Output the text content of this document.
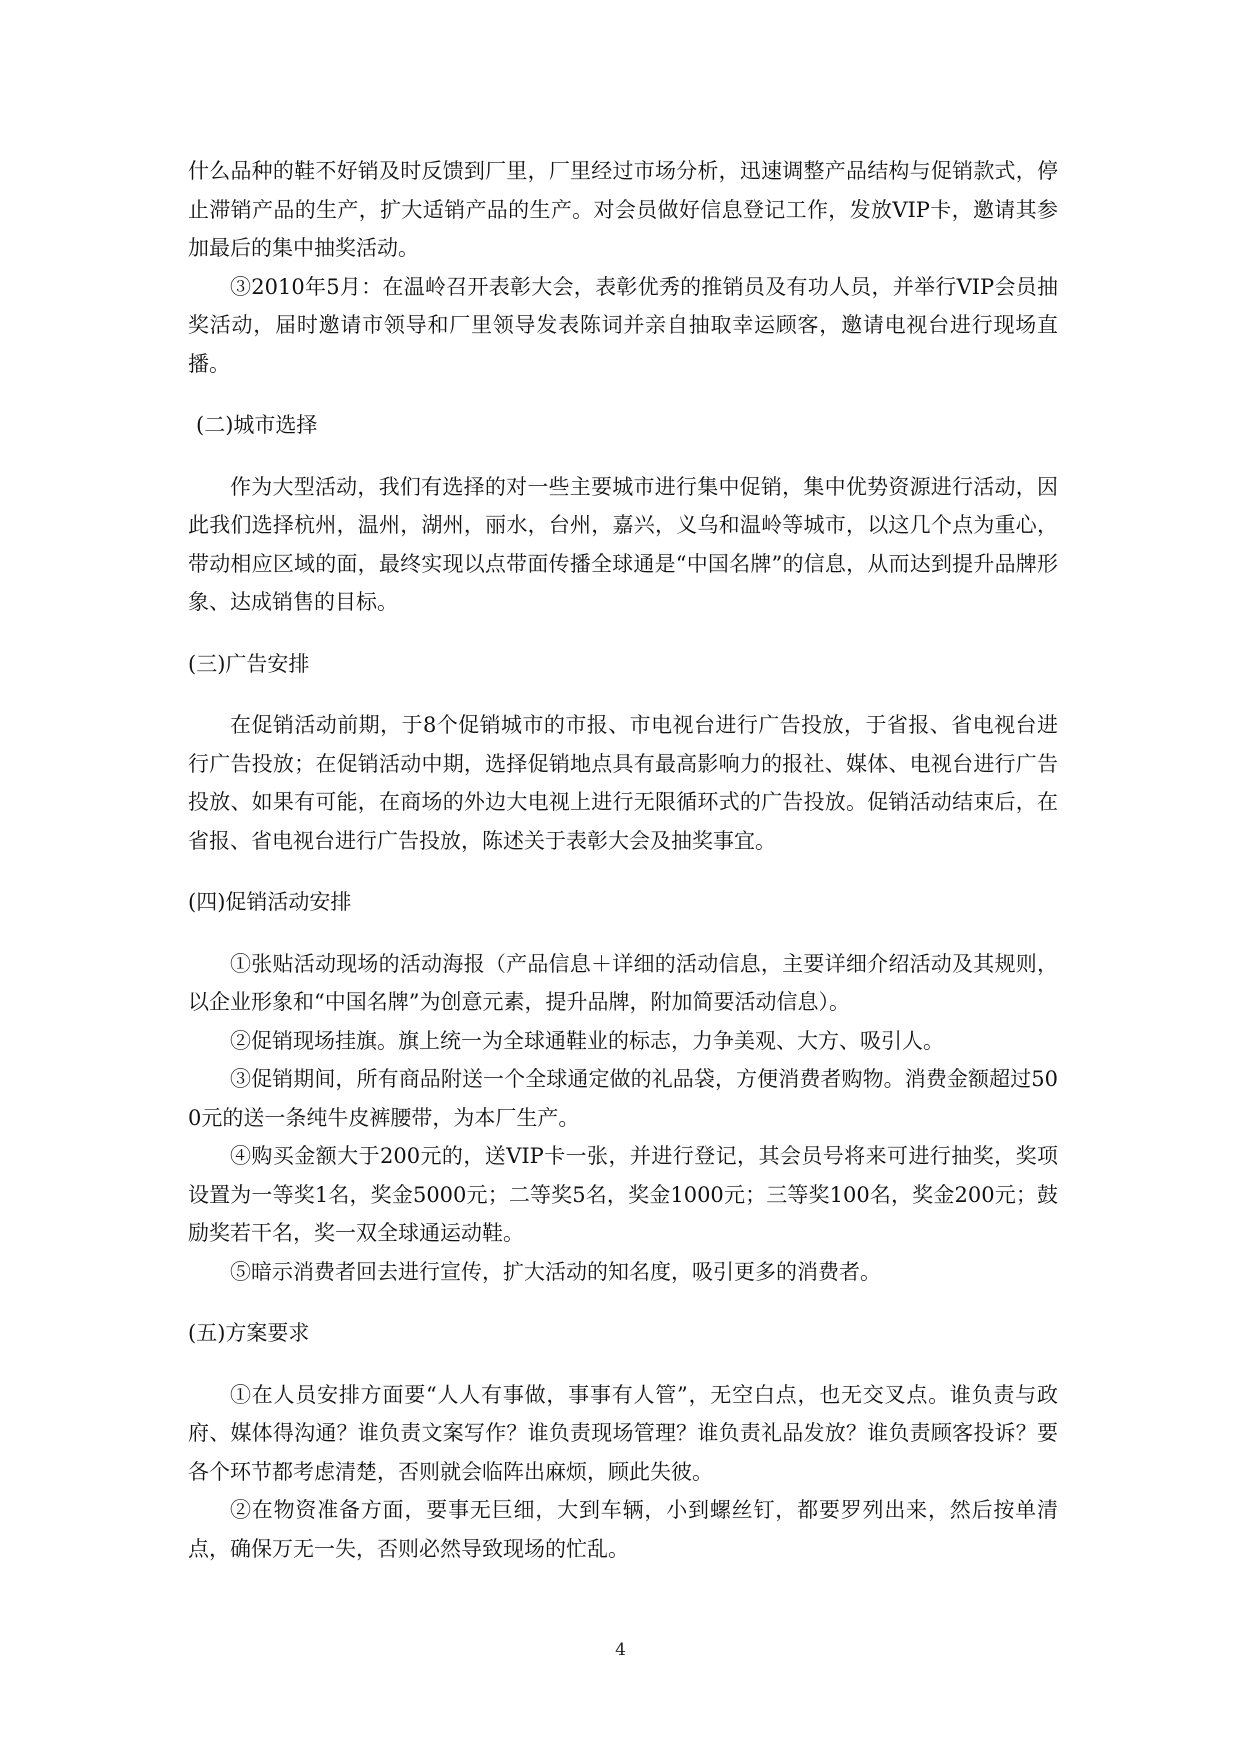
什么品种的鞋不好销及时反馈到厂里，厂里经过市场分析，迅速调整产品结构与促销款式，停止滞销产品的生产，扩大适销产品的生产。对会员做好信息登记工作，发放VIP卡，邀请其参加最后的集中抽奖活动。

③2010年5月：在温岭召开表彰大会，表彰优秀的推销员及有功人员，并举行VIP会员抽奖活动，届时邀请市领导和厂里领导发表陈词并亲自抽取幸运顾客，邀请电视台进行现场直播。

(二)城市选择

作为大型活动，我们有选择的对一些主要城市进行集中促销，集中优势资源进行活动，因此我们选择杭州，温州，湖州，丽水，台州，嘉兴，义乌和温岭等城市，以这几个点为重心，带动相应区域的面，最终实现以点带面传播全球通是“中国名牌”的信息，从而达到提升品牌形象、达成销售的目标。

(三)广告安排

在促销活动前期，于8个促销城市的市报、市电视台进行广告投放，于省报、省电视台进行广告投放；在促销活动中期，选择促销地点具有最高影响力的报社、媒体、电视台进行广告投放、如果有可能，在商场的外边大电视上进行无限循环式的广告投放。促销活动结束后，在省报、省电视台进行广告投放，陈述关于表彰大会及抽奖事宜。

(四)促销活动安排

①张贴活动现场的活动海报（产品信息＋详细的活动信息，主要详细介绍活动及其规则，以企业形象和“中国名牌”为创意元素，提升品牌，附加简要活动信息）。

②促销现场挂旗。旗上统一为全球通鞋业的标志，力争美观、大方、吸引人。

③促销期间，所有商品附送一个全球通定做的礼品袋，方便消费者购物。消费金额超过500元的送一条纯牛皮裤腰带，为本厂生产。

④购买金额大于200元的，送VIP卡一张，并进行登记，其会员号将来可进行抽奖，奖项设置为一等奖1名，奖金5000元；二等奖5名，奖金1000元；三等奖100名，奖金200元；鼓励奖若干名，奖一双全球通运动鞋。

⑤暗示消费者回去进行宣传，扩大活动的知名度，吸引更多的消费者。

(五)方案要求

①在人员安排方面要“人人有事做，事事有人管”，无空白点，也无交叉点。谁负责与政府、媒体得沟通？谁负责文案写作？谁负责现场管理？谁负责礼品发放？谁负责顾客投诉？要各个环节都考虑清楚，否则就会临阵出麻烦，顾此失彼。

②在物资准备方面，要事无巨细，大到车辆，小到螺丝钉，都要罗列出来，然后按单清点，确保万无一失，否则必然导致现场的忙乱。

4
